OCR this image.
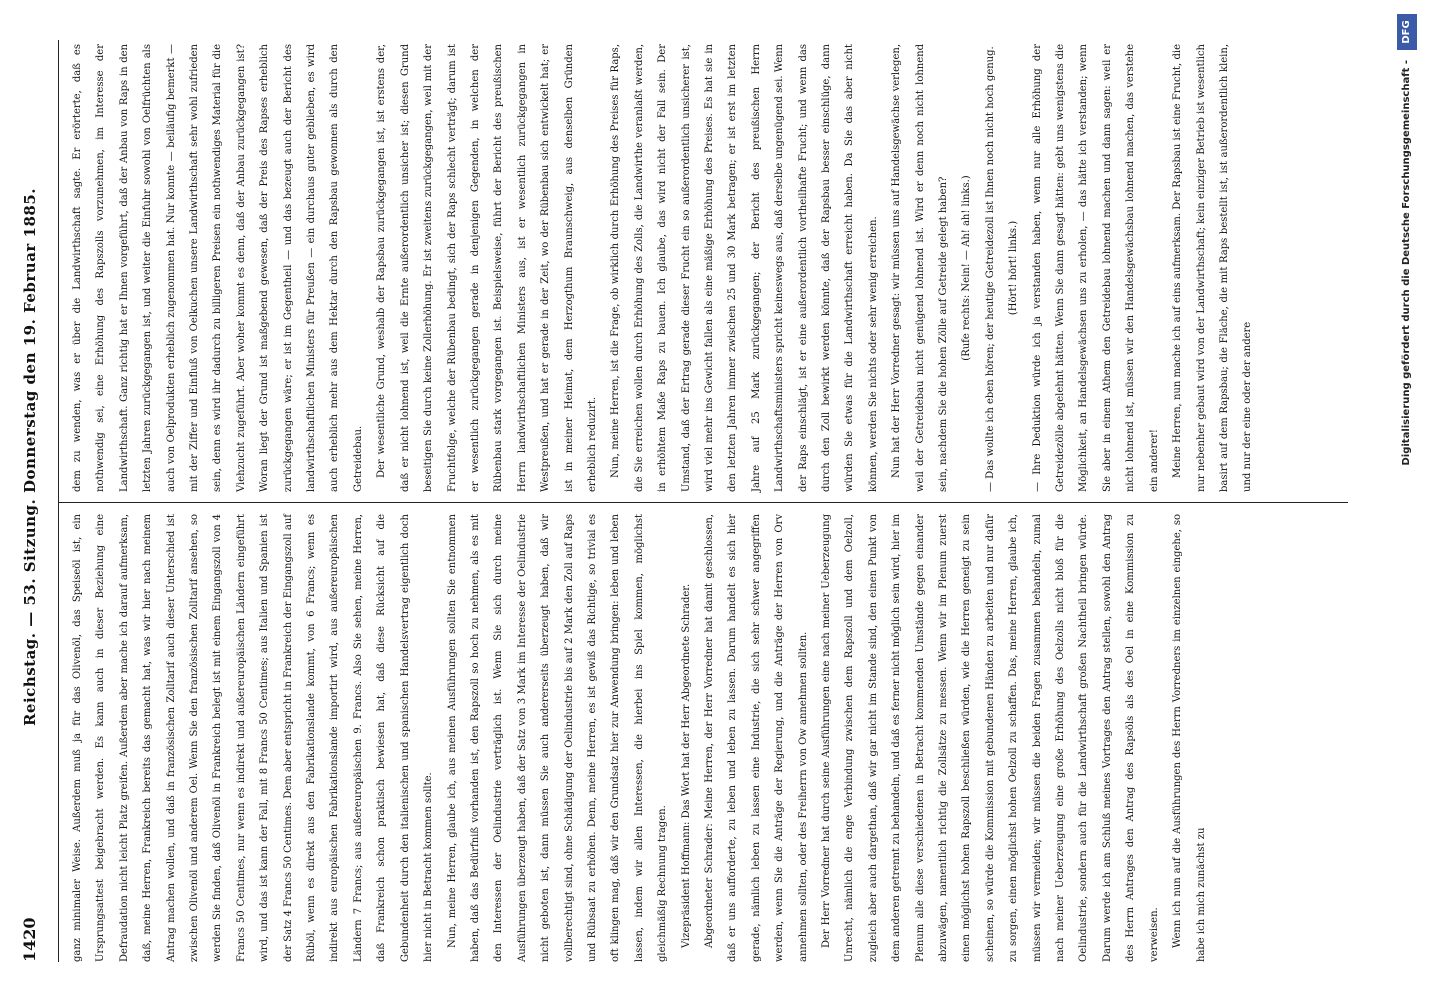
1420
Reichstag. — 53. Sitzung. Donnerstag den 19. Februar 1885.

ganz minimaler Weise. Außerdem muß ja für das Olivenöl, das Speiseöl ist, ein Ursprungsattest beigebracht werden. Es kann auch in dieser Beziehung eine Defraudation nicht leicht Platz greifen. Außerdem aber mache ich darauf aufmerksam, daß, meine Herren, Frankreich bereits das gemacht hat, was wir hier nach meinem Antrag machen wollen, und daß in französischen Zolltarif auch dieser Unterschied ist zwischen Olivenöl und anderem Oel. Wenn Sie den französischen Zolltarif ansehen, so werden Sie finden, daß Olivenöl in Frankreich belegt ist mit einem Eingangszoll von 4 Francs 50 Centimes, nur wenn es indirekt und außereuropäischen Ländern eingeführt wird, und das ist kann der Fall, mit 8 Francs 50 Centimes; aus Italien und Spanien ist der Satz 4 Francs 50 Centimes. Dem aber entspricht in Frankreich der Eingangszoll auf Rüböl, wenn es direkt aus den Fabrikationslande kommt, von 6 Francs; wenn es indirekt aus europäischen Fabrikationslande importirt wird, aus außereuropäischen Ländern 7 Francs; aus außereuropäischen 9. Francs. Also Sie sehen, meine Herren, daß Frankreich schon praktisch bewiesen hat, daß diese Rücksicht auf die Gebundenheit durch den italienischen und spanischen Handelsvertrag eigentlich doch hier nicht in Betracht kommen sollte.	Nun, meine Herren, glaube ich, aus meinen Ausführungen sollten Sie entnommen haben, daß das Bedürfniß vorhanden ist, den Rapszoll so hoch zu nehmen, als es mit den Interessen der Oelindustrie verträglich ist. Wenn Sie sich durch meine Ausführungen überzeugt haben, daß der Satz von 3 Mark im Interesse der Oelindustrie nicht geboten ist, dann müssen Sie auch andererseits überzeugt haben, daß wir vollberechtigt sind, ohne Schädigung der Oelindustrie bis auf 2 Mark den Zoll auf Raps und Rübsaat zu erhöhen. Denn, meine Herren, es ist gewiß das Richtige, so trivial es oft klingen mag, daß wir den Grundsatz hier zur Anwendung bringen: leben und leben lassen, indem wir allen Interessen, die hierbei ins Spiel kommen, möglichst gleichmäßig Rechnung tragen.	Vizepräsident Hoffmann: Das Wort hat der Herr Abgeordnete Schrader.	Abgeordneter Schrader: Meine Herren, der Herr Vorredner hat damit geschlossen, daß er uns aufforderte, zu leben und leben zu lassen. Darum handelt es sich hier gerade, nämlich leben zu lassen eine Industrie, die sich sehr schwer angegriffen werden, wenn Sie die Anträge der Regierung, und die Anträge der Herren von Orv annehmen sollten, oder des Freiherrn von Ow annehmen sollten.	Der Herr Vorredner hat durch seine Ausführungen eine nach meiner Ueberzeugung Unrecht, nämlich die enge Verbindung zwischen dem Rapszoll und dem Oelzoll, zugleich aber auch dargethan, daß wir gar nicht im Stande sind, den einen Punkt von dem anderen getrennt zu behandeln, und daß es ferner nicht möglich sein wird, hier im Plenum alle diese verschiedenen in Betracht kommenden Umstände gegen einander abzuwägen, namentlich richtig die Zollsätze zu messen. Wenn wir im Plenum zuerst einen möglichst hohen Rapszoll beschließen würden, wie die Herren geneigt zu sein scheinen, so würde die Kommission mit gebundenen Händen zu arbeiten und nur dafür zu sorgen, einen möglichst hohen Oelzoll zu schaffen. Das, meine Herren, glaube ich, müssen wir vermeiden; wir müssen die beiden Fragen zusammen behandeln, zumal nach meiner Ueberzeugung eine große Erhöhung des Oelzolls nicht bloß für die Oelindustrie, sondern auch für die Landwirthschaft großen Nachtheil bringen würde. Darum werde ich am Schluß meines Vortrages den Antrag stellen, sowohl den Antrag des Herrn Antrages den Antrag des Rapsöls als des Oel in eine Kommission zu verweisen.	Wenn ich nun auf die Ausführungen des Herrn Vorredners im einzelnen eingehe, so habe ich mich zunächst zu

dem zu wenden, was er über die Landwirthschaft sagte. Er erörterte, daß es nothwendig sei, eine Erhöhung des Rapszolls vorzunehmen, im Interesse der Landwirthschaft. Ganz richtig hat er Ihnen vorgeführt, daß der Anbau von Raps in den letzten Jahren zurückgegangen ist, und weiter die Einfuhr sowohl von Oelfrüchten als auch von Oelprodukten erheblich zugenommen hat. Nur konnte — beiläufig bemerkt — mit der Ziffer und Einfluß von Oelkuchen unsere Landwirthschaft sehr wohl zufrieden sein, denn es wird ihr dadurch zu billigeren Preisen ein nothwendiges Material für die Viehzucht zugeführt. Aber woher kommt es denn, daß der Anbau zurückgegangen ist? Woran liegt der Grund ist maßgebend gewesen, daß der Preis des Rapses erheblich zurückgegangen wäre; er ist im Gegentheil — und das bezeugt auch der Bericht des landwirthschaftlichen Ministers für Preußen — ein durchaus guter geblieben, es wird auch erheblich mehr aus dem Hektar durch den Rapsbau gewonnen als durch den Getreidebau.	Der wesentliche Grund, weshalb der Rapsbau zurückgegangen ist, ist erstens der, daß er nicht lohnend ist, weil die Ernte außerordentlich unsicher ist; diesen Grund beseitigen Sie durch keine Zollerhöhung. Er ist zweitens zurückgegangen, weil mit der Fruchtfolge, welche der Rübenbau bedingt, sich der Raps schlecht verträgt; darum ist er wesentlich zurückgegangen gerade in denjenigen Gegenden, in welchen der Rübenbau stark vorgegangen ist. Beispielsweise, führt der Bericht des preußischen Herrn landwirthschaftlichen Ministers aus, ist er wesentlich zurückgegangen in Westpreußen, und hat er gerade in der Zeit, wo der Rübenbau sich entwickelt hat; er ist in meiner Heimat, dem Herzogthum Braunschweig, aus denselben Gründen erheblich reduzirt.	Nun, meine Herren, ist die Frage, ob wirklich durch Erhöhung des Preises für Raps, die Sie erreichen wollen durch Erhöhung des Zolls, die Landwirthe veranlaßt werden, in erhöhtem Maße Raps zu bauen. Ich glaube, das wird nicht der Fall sein. Der Umstand, daß der Ertrag gerade dieser Frucht ein so außerordentlich unsicherer ist, wird viel mehr ins Gewicht fallen als eine mäßige Erhöhung des Preises. Es hat sie in den letzten Jahren immer zwischen 25 und 30 Mark betragen; er ist erst im letzten Jahre auf 25 Mark zurückgegangen; der Bericht des preußischen Herrn Landwirthschaftsministers spricht keineswegs aus, daß derselbe ungenügend sei. Wenn der Raps einschlägt, ist er eine außerordentlich vortheilhafte Frucht; und wenn das durch den Zoll bewirkt werden könnte, daß der Rapsbau besser einschlüge, dann würden Sie etwas für die Landwirthschaft erreicht haben. Da Sie das aber nicht können, werden Sie nichts oder sehr wenig erreichen.	Nun hat der Herr Vorredner gesagt: wir müssen uns auf Handelsgewächse verlegen, weil der Getreidebau nicht genügend lohnend ist. Wird er denn noch nicht lohnend sein, nachdem Sie die hohen Zölle auf Getreide gelegt haben?	(Rufe rechts: Nein! — Ah! ah! links.)	— Das wollte ich eben hören; der heutige Getreidezoll ist Ihnen noch nicht hoch genug.	(Hört! hört! links.)	— Ihre Deduktion würde ich ja verstanden haben, wenn nur alle Erhöhung der Getreidezölle abgelehnt hätten. Wenn Sie dann gesagt hätten: gebt uns wenigstens die Möglichkeit, an Handelsgewächsen uns zu erholen, — das hätte ich verstanden; wenn Sie aber in einem Athem den Getreidebau lohnend machen und dann sagen: weil er nicht lohnend ist, müssen wir den Handelsgewächsbau lohnend machen, das verstehe ein anderer!	Meine Herren, nun mache ich auf eins aufmerksam. Der Rapsbau ist eine Frucht, die nur nebenher gebaut wird von der Landwirthschaft; kein einziger Betrieb ist wesentlich basirt auf dem Rapsbau; die Fläche, die mit Raps bestellt ist, ist außerordentlich klein, und nur der eine oder der andere	Digitalisierung gefördert durch die Deutsche Forschungsgemeinschaft -
DFG
